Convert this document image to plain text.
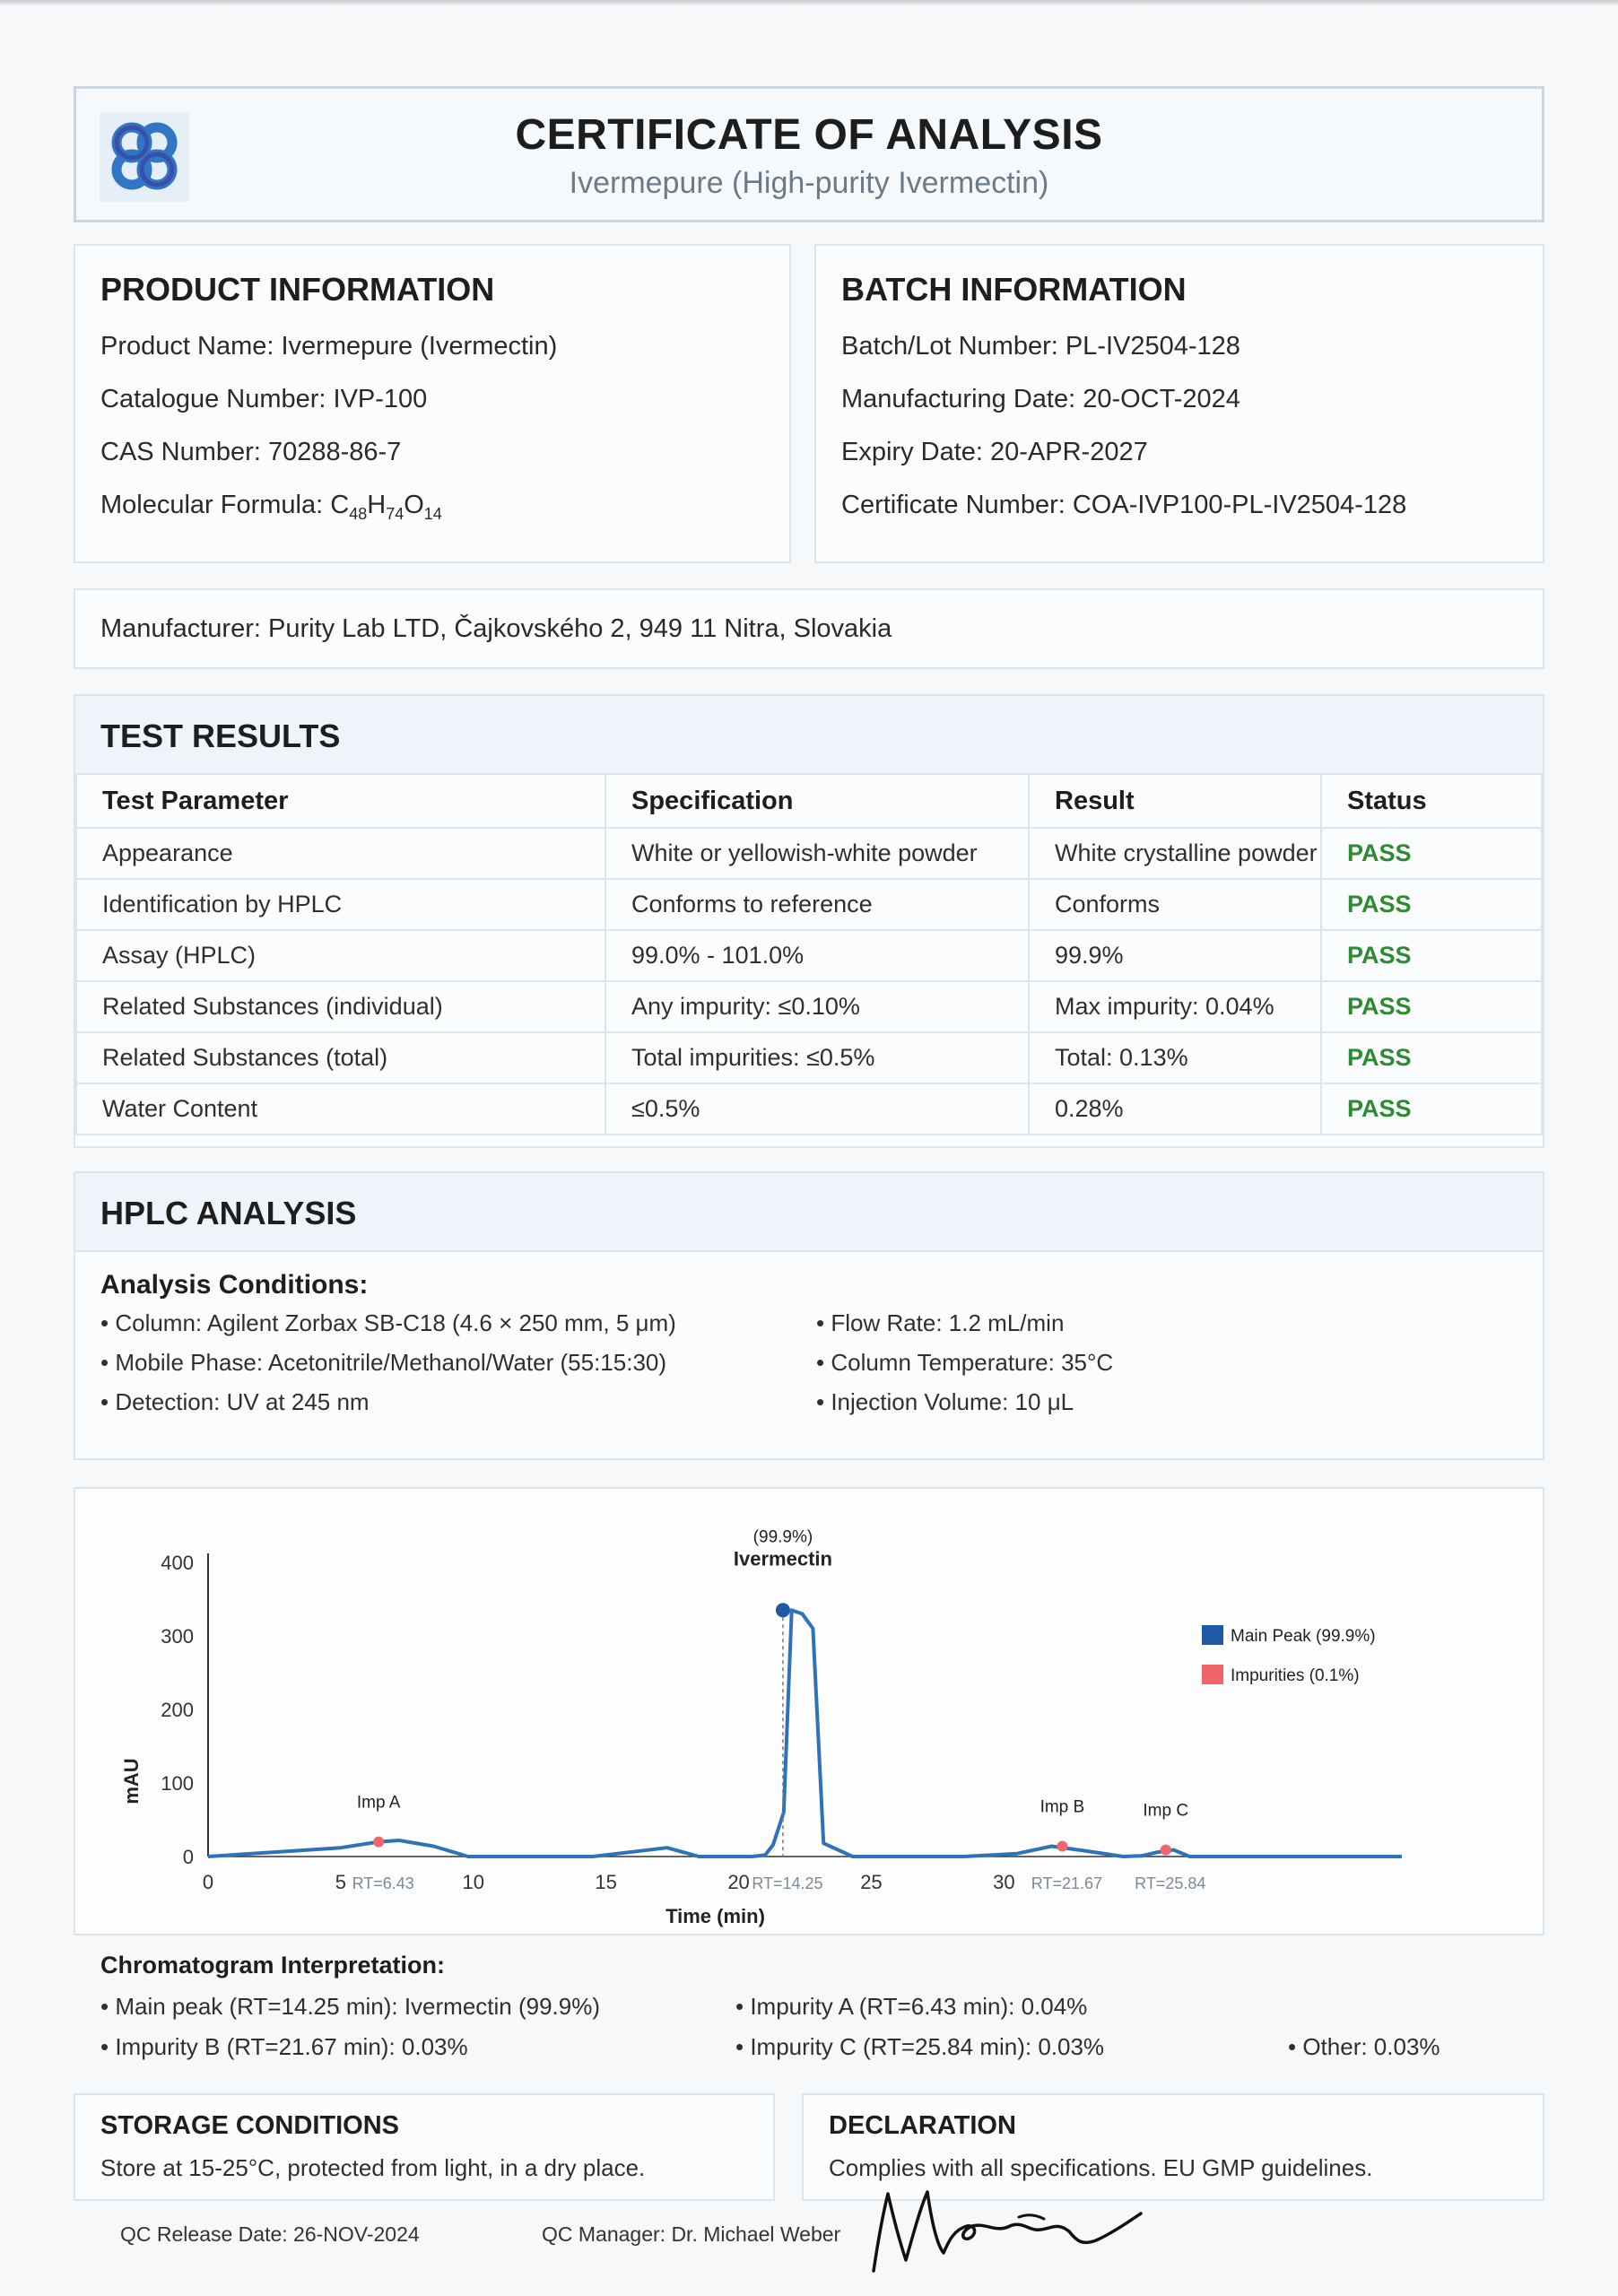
CERTIFICATE OF ANALYSIS
Ivermepure (High-purity Ivermectin)
PRODUCT INFORMATION
Product Name: Ivermepure (Ivermectin)
Catalogue Number: IVP-100
CAS Number: 70288-86-7
Molecular Formula: $C_{48}H_{74}O_{14}$
BATCH INFORMATION
Batch/Lot Number: PL-IV2504-128
Manufacturing Date: 20-OCT-2024
Expiry Date: 20-APR-2027
Certificate Number: COA-IVP100-PL-IV2504-128
Manufacturer: Purity Lab LTD, Čajkovského 2, 949 11 Nitra, Slovakia
TEST RESULTS
Test Parameter	Specification	Result	Status
Appearance	White or yellowish-white powder	White crystalline powder	PASS
Identification by HPLC	Conforms to reference	Conforms	PASS
Assay (HPLC)	99.0% - 101.0%	99.9%	PASS
Related Substances (individual)	Any impurity: ≤0.10%	Max impurity: 0.04%	PASS
Related Substances (total)	Total impurities: ≤0.5%	Total: 0.13%	PASS
Water Content	≤0.5%	0.28%	PASS
HPLC ANALYSIS
Analysis Conditions:
• Column: Agilent Zorbax SB-C18 (4.6 × 250 mm, 5 μm)
• Mobile Phase: Acetonitrile/Methanol/Water (55:15:30)
• Detection: UV at 245 nm
• Flow Rate: 1.2 mL/min
• Column Temperature: 35°C
• Injection Volume: 10 μL
0
100
200
300
400
0	5	10	15	20	25	30
Time (min)
mAU	Imp A
RT=6.43
(99.9%)
Ivermectin
RT=14.25
Imp B
RT=21.67
Imp C
RT=25.84
Main Peak (99.9%)
Impurities (0.1%)
Chromatogram Interpretation:
• Main peak (RT=14.25 min): Ivermectin (99.9%)	• Impurity A (RT=6.43 min): 0.04%
• Impurity B (RT=21.67 min): 0.03%	• Impurity C (RT=25.84 min): 0.03%	• Other: 0.03%
STORAGE CONDITIONS

Store at 15-25°C, protected from light, in a dry place.

DECLARATION

Complies with all specifications. EU GMP guidelines.

QC Release Date: 26-NOV-2024	QC Manager: Dr. Michael Weber
